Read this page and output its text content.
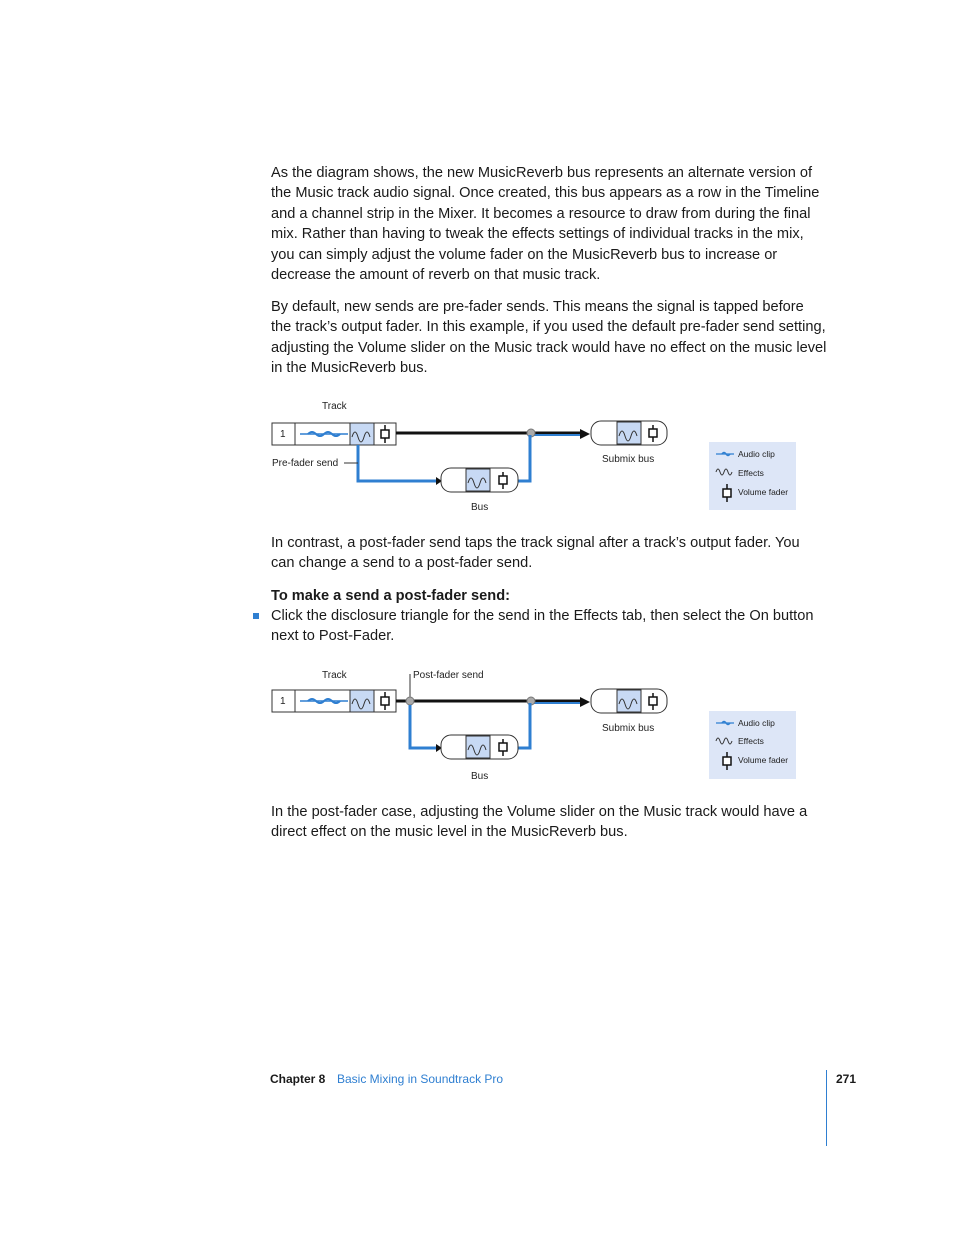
As the diagram shows, the new MusicReverb bus represents an alternate version of the Music track audio signal. Once created, this bus appears as a row in the Timeline and a channel strip in the Mixer. It becomes a resource to draw from during the final mix. Rather than having to tweak the effects settings of individual tracks in the mix, you can simply adjust the volume fader on the MusicReverb bus to increase or decrease the amount of reverb on that music track.

By default, new sends are pre-fader sends. This means the signal is tapped before the track’s output fader. In this example, if you used the default pre-fader send setting, adjusting the Volume slider on the Music track would have no effect on the music level in the MusicReverb bus.

Track
1
Pre-fader send
Bus
Submix bus	Audio clip
Effects
Volume fader

In contrast, a post-fader send taps the track signal after a track’s output fader. You can change a send to a post-fader send.

To make a send a post-fader send:

Click the disclosure triangle for the send in the Effects tab, then select the On button next to Post-Fader.

Track	Post-fader send
1
Bus
Submix bus	Audio clip
Effects
Volume fader

In the post-fader case, adjusting the Volume slider on the Music track would have a direct effect on the music level in the MusicReverb bus.

Chapter 8 Basic Mixing in Soundtrack Pro	271
